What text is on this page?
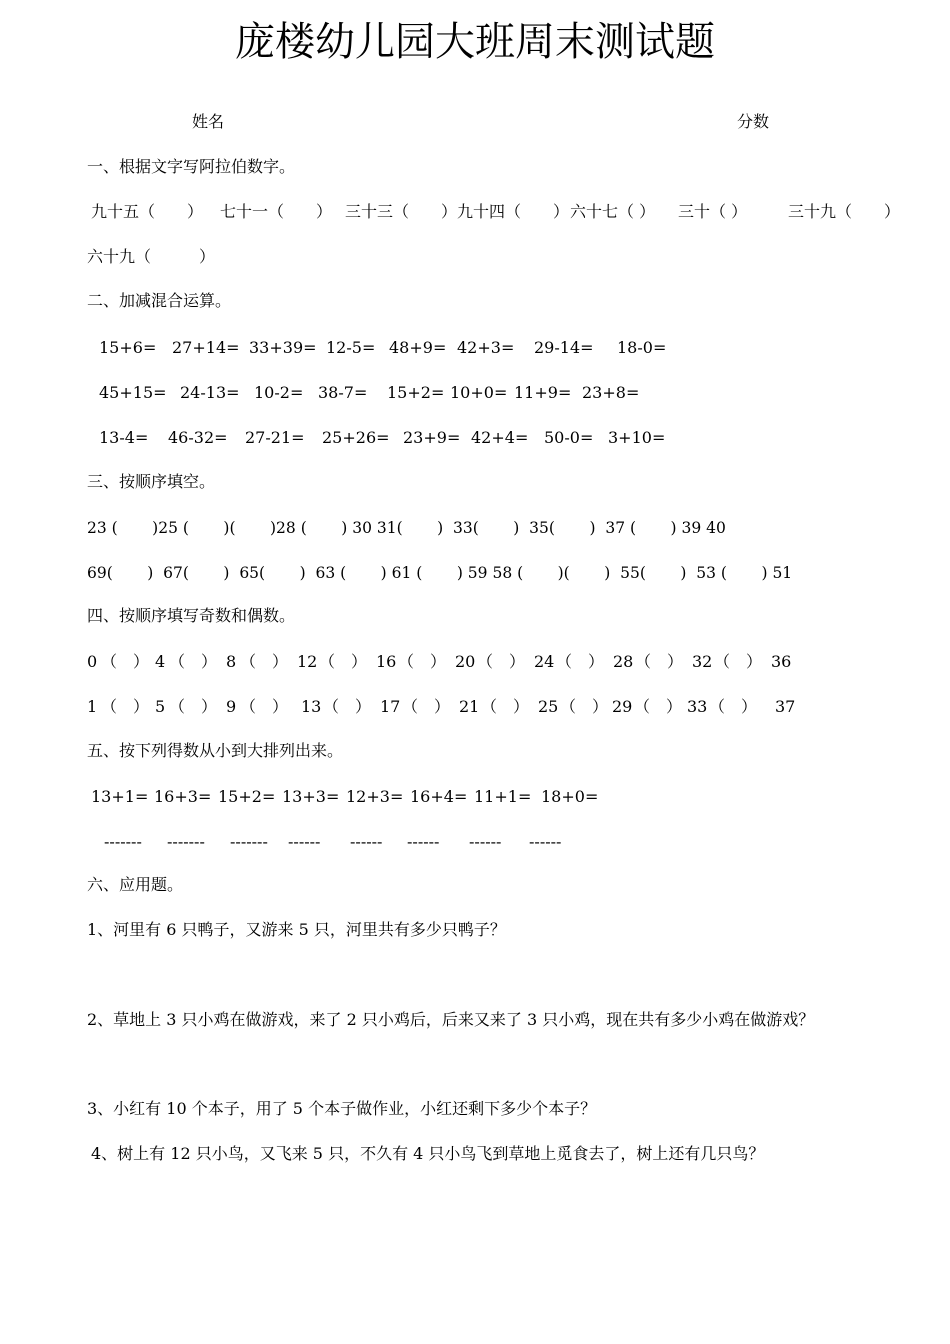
庞楼幼儿园大班周末测试题
姓名	分数
一、根据文字写阿拉伯数字。
九十五（　　） 七十一（　　） 三十三（　　）九十四（　　） 六十七（ ） 三十（ ）	三十九（　　）
六十九（　　　）
二、加减混合运算。
15+6= 27+14= 33+39= 12-5= 48+9= 42+3= 29-14= 18-0=
45+15= 24-13= 10-2= 38-7= 15+2= 10+0= 11+9= 23+8=
13-4= 46-32= 27-21= 25+26= 23+9= 42+4= 50-0= 3+10=
三、按顺序填空。
23 (       )25 (       )(       )28 (       ) 30 31(       )  33(       )  35(       )  37 (       ) 39 40
69(       )  67(       )  65(       )  63 (       ) 61 (       ) 59 58 (       )(       )  55(       )  53 (       ) 51
四、按顺序填写奇数和偶数。
0 （　） 4 （　） 8 （　） 12 （　） 16 （　） 20 （　） 24 （　） 28 （　） 32 （　） 36
1 （　） 5 （　） 9 （　） 13 （　） 17 （　） 21 （　） 25 （　） 29 （　） 33 （　） 37
五、按下列得数从小到大排列出来。
13+1= 16+3= 15+2= 13+3= 12+3= 16+4= 11+1= 18+0=
------- ------- ------- ------ ------ ------ ------ ------
六、应用题。
1、河里有 6 只鸭子，又游来 5 只，河里共有多少只鸭子？
2、草地上 3 只小鸡在做游戏，来了 2 只小鸡后，后来又来了 3 只小鸡，现在共有多少小鸡在做游戏？
3、小红有 10 个本子，用了 5 个本子做作业，小红还剩下多少个本子？
4、树上有 12 只小鸟，又飞来 5 只，不久有 4 只小鸟飞到草地上觅食去了，树上还有几只鸟？
